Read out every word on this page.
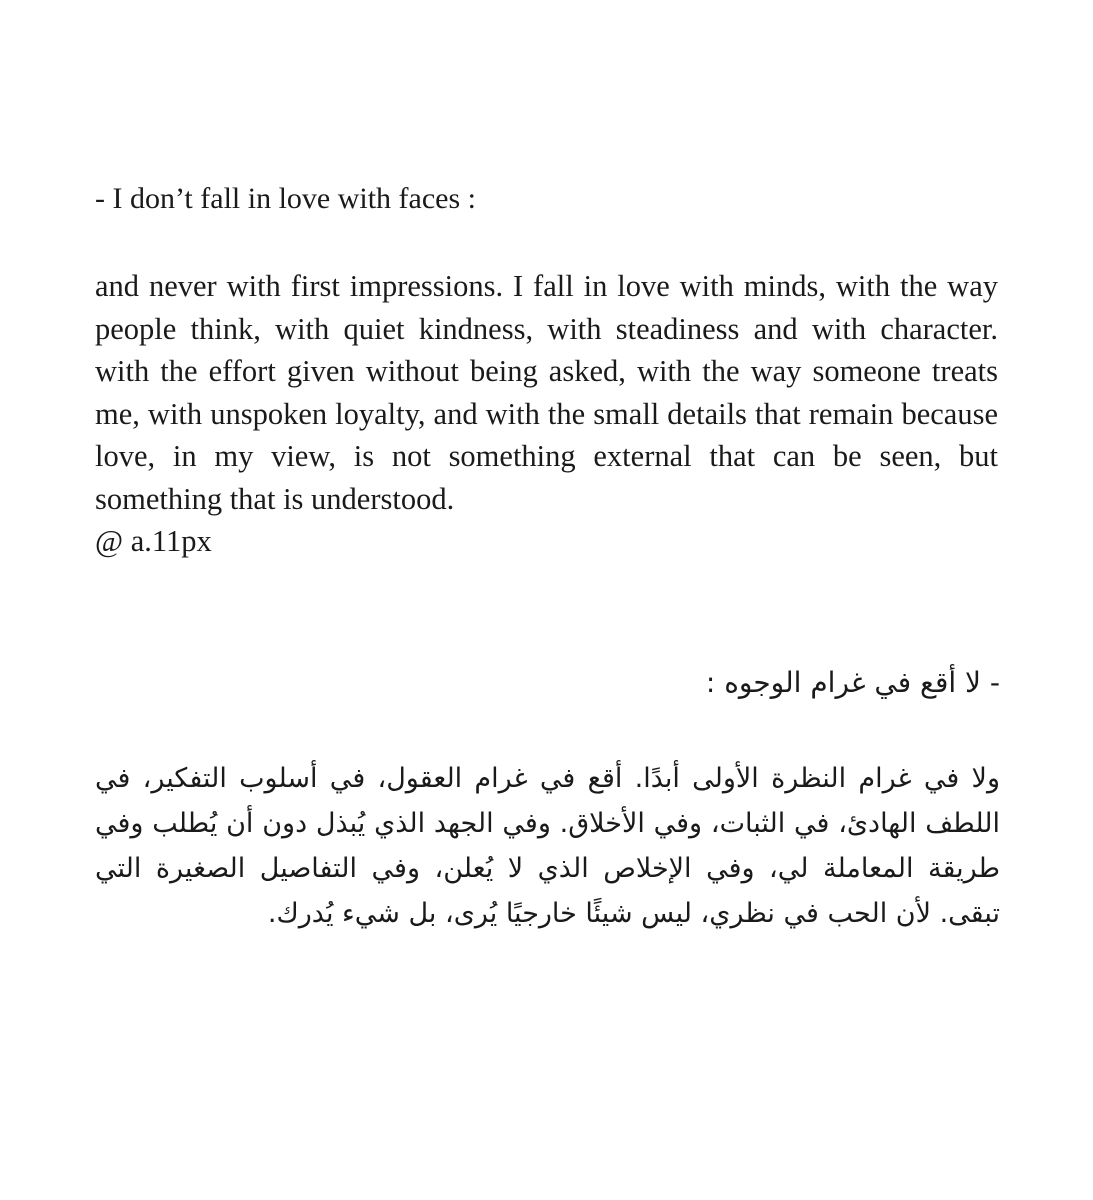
- I don’t fall in love with faces :

and never with first impressions. I fall in love with minds, with the way people think, with quiet kindness, with steadiness and with character. with the effort given without being asked, with the way someone treats me, with unspoken loyalty, and with the small details that remain because love, in my view, is not something external that can be seen, but something that is understood.
@ a.11px

- لا أقع في غرام الوجوه :

ولا في غرام النظرة الأولى أبدًا. أقع في غرام العقول، في أسلوب التفكير، في اللطف الهادئ، في الثبات، وفي الأخلاق. وفي الجهد الذي يُبذل دون أن يُطلب وفي طريقة المعاملة لي، وفي الإخلاص الذي لا يُعلن، وفي التفاصيل الصغيرة التي تبقى. لأن الحب في نظري، ليس شيئًا خارجيًا يُرى، بل شيء يُدرك.
